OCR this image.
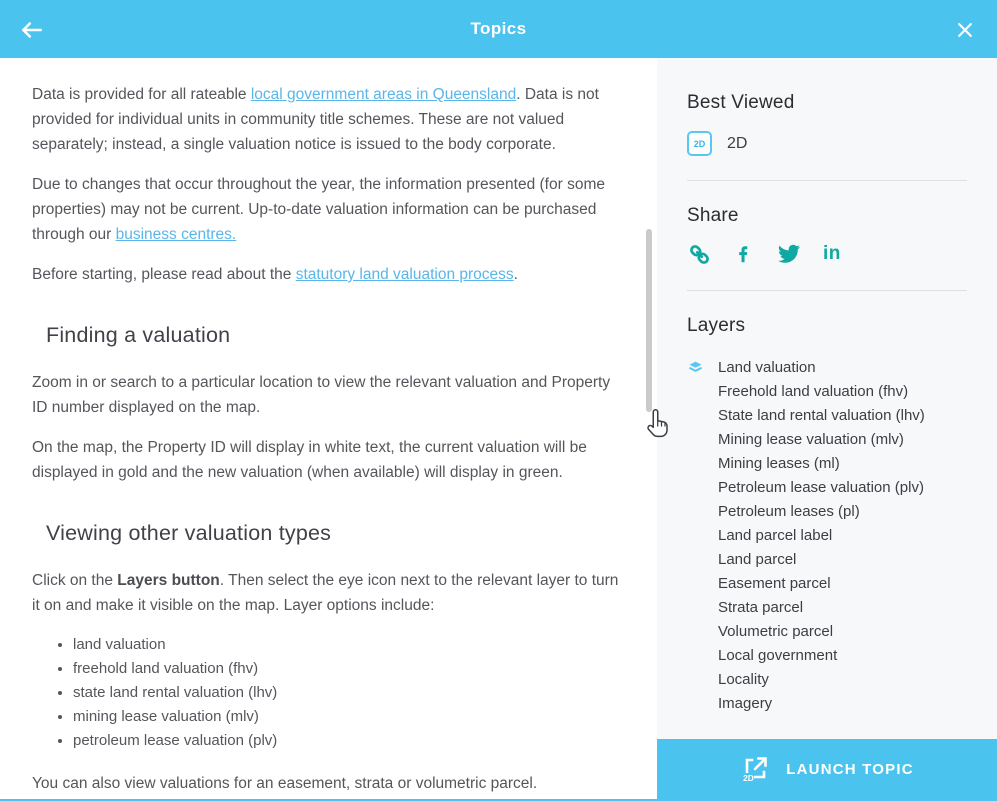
Topics

Data is provided for all rateable local government areas in Queensland. Data is not provided for individual units in community title schemes. These are not valued separately; instead, a single valuation notice is issued to the body corporate.

Due to changes that occur throughout the year, the information presented (for some properties) may not be current. Up-to-date valuation information can be purchased through our business centres.

Before starting, please read about the statutory land valuation process.

Finding a valuation

Zoom in or search to a particular location to view the relevant valuation and Property ID number displayed on the map.

On the map, the Property ID will display in white text, the current valuation will be displayed in gold and the new valuation (when available) will display in green.

Viewing other valuation types

Click on the Layers button. Then select the eye icon next to the relevant layer to turn it on and make it visible on the map. Layer options include:

• land valuation
• freehold land valuation (fhv)
• state land rental valuation (lhv)
• mining lease valuation (mlv)
• petroleum lease valuation (plv)

You can also view valuations for an easement, strata or volumetric parcel.

Best Viewed
2D	2D
Share
in
Layers
Land valuation
Freehold land valuation (fhv)
State land rental valuation (lhv)
Mining lease valuation (mlv)
Mining leases (ml)
Petroleum lease valuation (plv)
Petroleum leases (pl)
Land parcel label
Land parcel
Easement parcel
Strata parcel
Volumetric parcel
Local government
Locality
Imagery
2D
LAUNCH TOPIC
